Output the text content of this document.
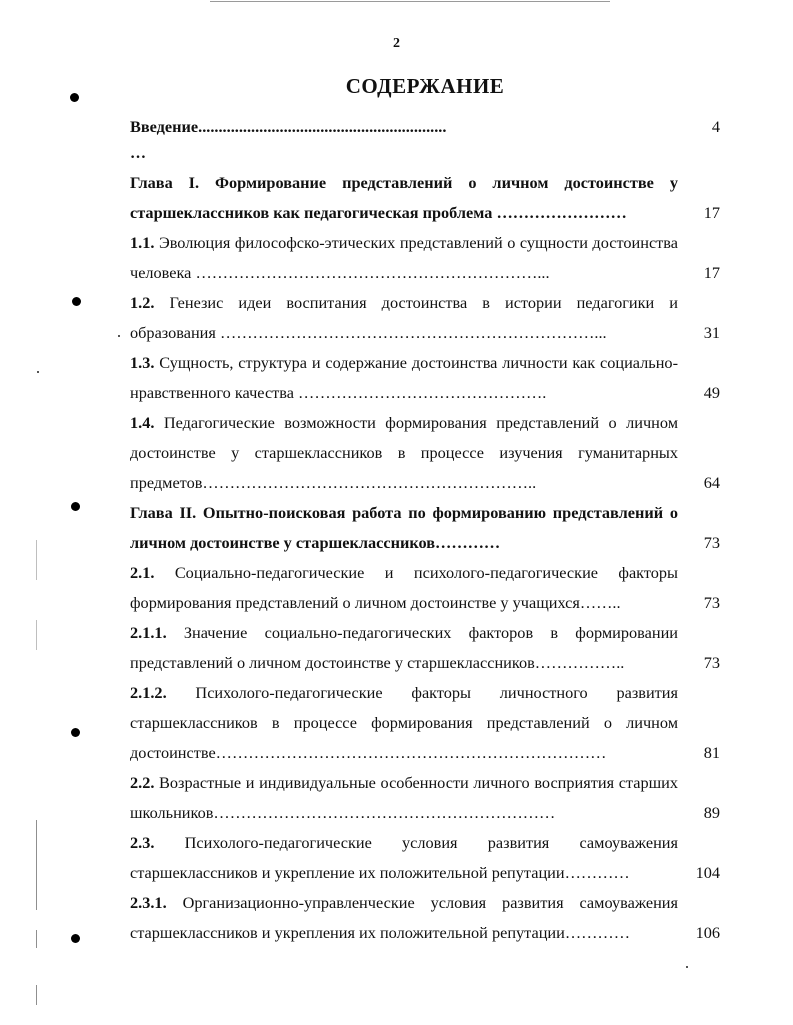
2
СОДЕРЖАНИЕ
Введение.............................................................	4
…
Глава I. Формирование представлений о личном достоинстве у старшеклассников как педагогическая проблема ……………………	17
1.1. Эволюция философско-этических представлений о сущности достоинства человека ………………………………………………………...	17
1.2. Генезис идеи воспитания достоинства в истории педагогики и образования ……………………………………………………………...	31
1.3. Сущность, структура и содержание достоинства личности как социально-нравственного качества ……………………………………….	49
1.4. Педагогические возможности формирования представлений о личном достоинстве у старшеклассников в процессе изучения гуманитарных предметов……………………………………………………..	64
Глава II. Опытно-поисковая работа по формированию представлений о личном достоинстве у старшеклассников…………	73
2.1. Социально-педагогические и психолого-педагогические факторы формирования представлений о личном достоинстве у учащихся……..	73
2.1.1. Значение социально-педагогических факторов в формировании представлений о личном достоинстве у старшеклассников……………..	73
2.1.2. Психолого-педагогические факторы личностного развития старшеклассников в процессе формирования представлений о личном достоинстве………………………………………………………………	81
2.2. Возрастные и индивидуальные особенности личного восприятия старших школьников………………………………………………………	89
2.3. Психолого-педагогические условия развития самоуважения старшеклассников и укрепление их положительной репутации…………	104
2.3.1. Организационно-управленческие условия развития самоуважения старшеклассников и укрепления их положительной репутации…………	106
